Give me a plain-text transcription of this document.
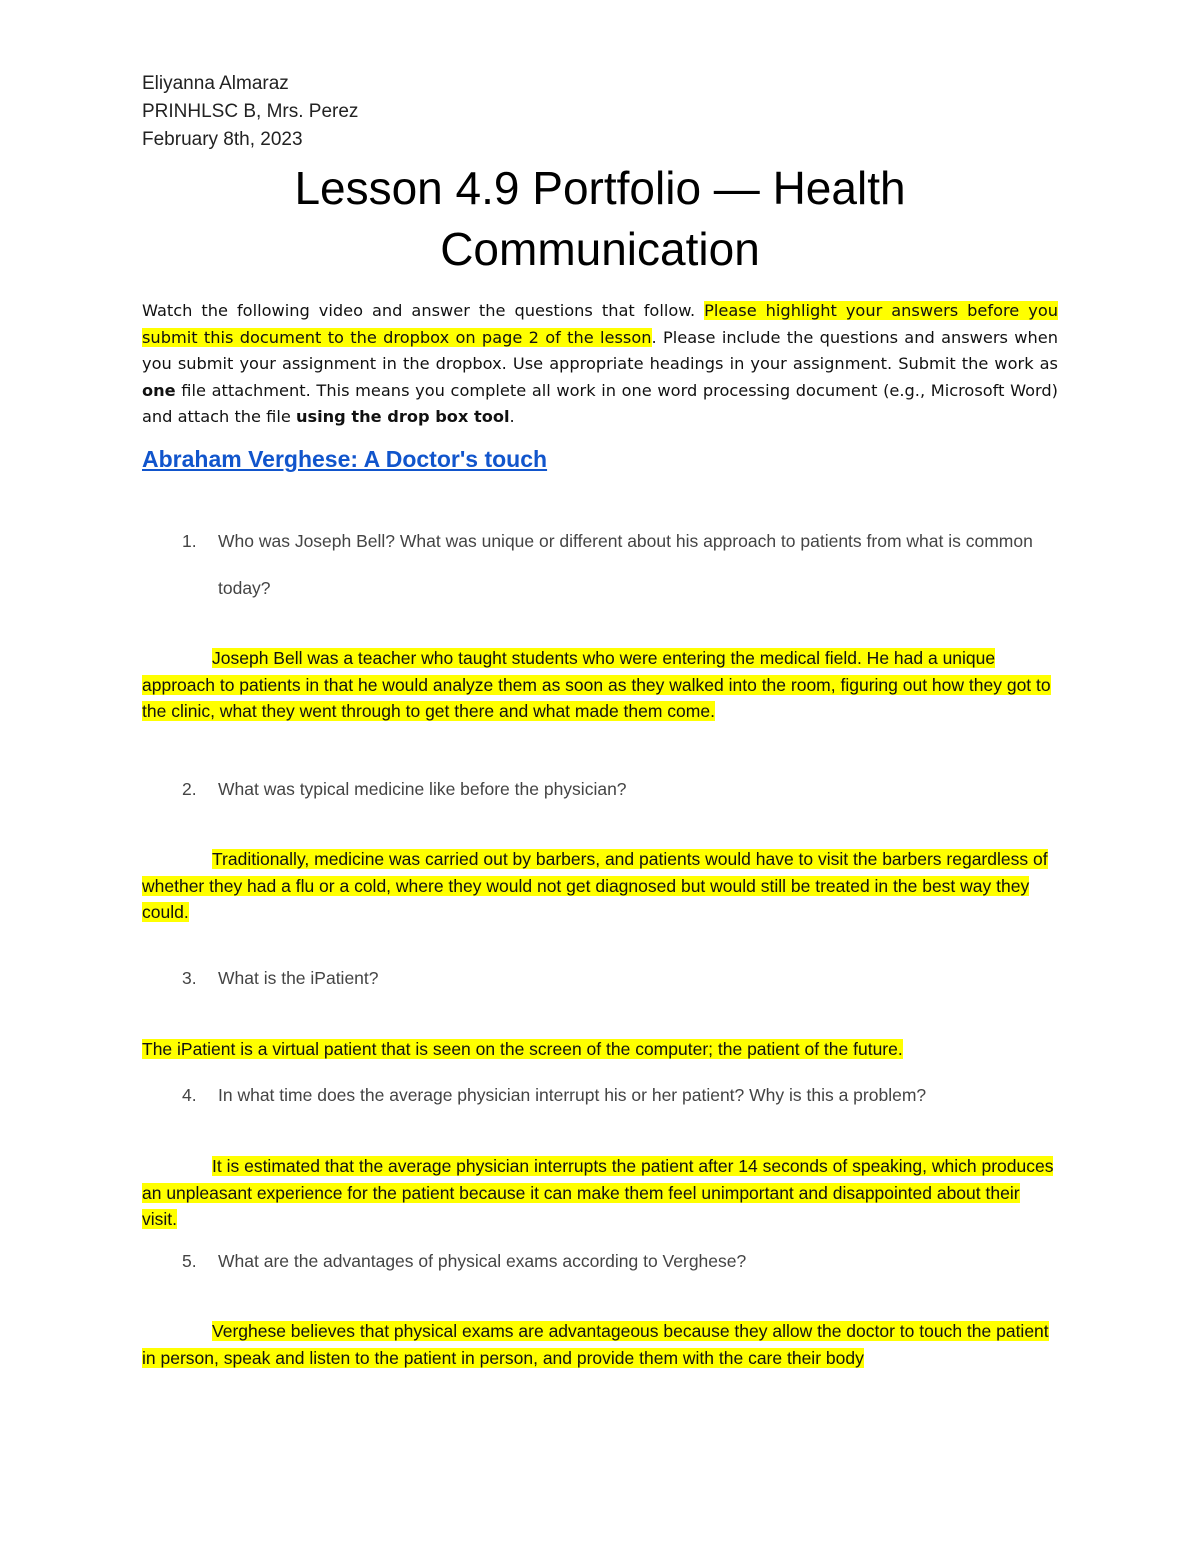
Eliyanna Almaraz
PRINHLSC B, Mrs. Perez
February 8th, 2023
Lesson 4.9 Portfolio — Health
Communication
Watch the following video and answer the questions that follow. Please highlight your answers before you submit this document to the dropbox on page 2 of the lesson. Please include the questions and answers when you submit your assignment in the dropbox. Use appropriate headings in your assignment. Submit the work as one file attachment. This means you complete all work in one word processing document (e.g., Microsoft Word) and attach the file using the drop box tool.
Abraham Verghese: A Doctor's touch
1.	Who was Joseph Bell? What was unique or different about his approach to patients from what is common today?
Joseph Bell was a teacher who taught students who were entering the medical field. He had a unique approach to patients in that he would analyze them as soon as they walked into the room, figuring out how they got to the clinic, what they went through to get there and what made them come.
2.	What was typical medicine like before the physician?
Traditionally, medicine was carried out by barbers, and patients would have to visit the barbers regardless of whether they had a flu or a cold, where they would not get diagnosed but would still be treated in the best way they could.
3.	What is the iPatient?
The iPatient is a virtual patient that is seen on the screen of the computer; the patient of the future.
4.	In what time does the average physician interrupt his or her patient? Why is this a problem?
It is estimated that the average physician interrupts the patient after 14 seconds of speaking, which produces an unpleasant experience for the patient because it can make them feel unimportant and disappointed about their visit.
5.	What are the advantages of physical exams according to Verghese?
Verghese believes that physical exams are advantageous because they allow the doctor to touch the patient in person, speak and listen to the patient in person, and provide them with the care their body
